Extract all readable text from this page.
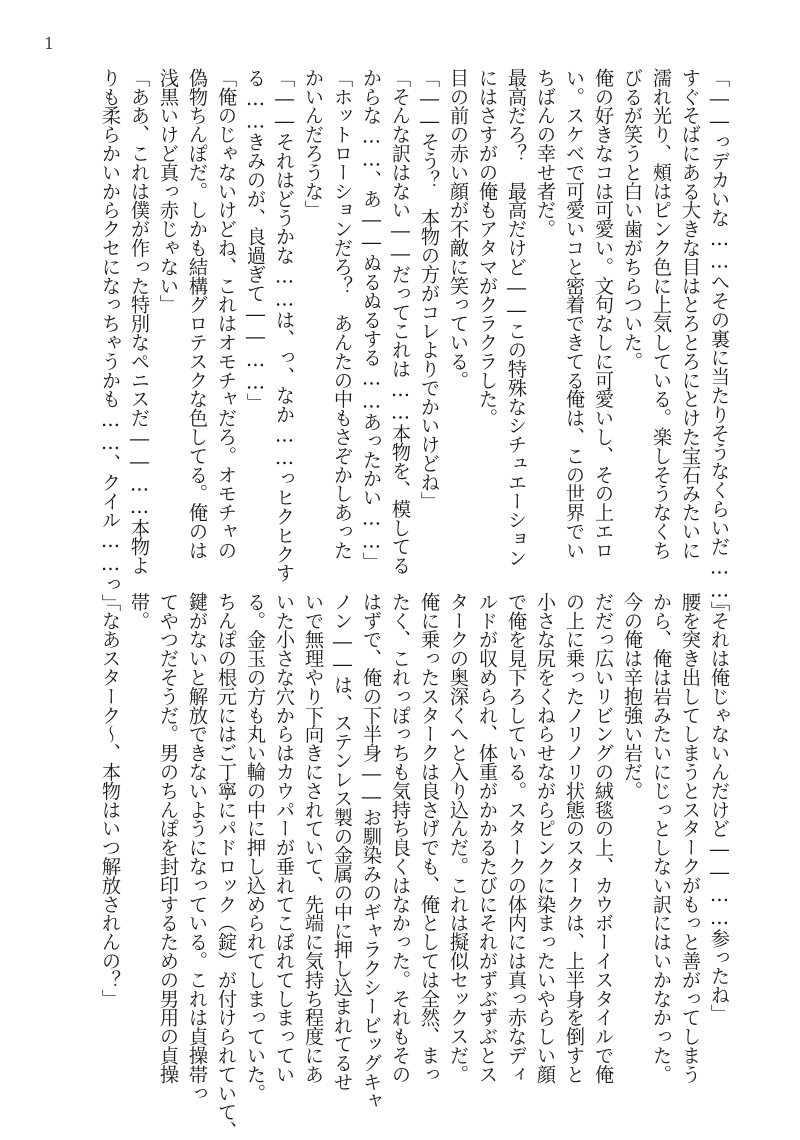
1
「――っデカいな……へその裏に当たりそうなくらいだ……」
すぐそばにある大きな目はとろとろにとけた宝石みたいに
濡れ光り、頰はピンク色に上気している。楽しそうなくち
びるが笑うと白い歯がちらついた。
俺の好きなコは可愛い。文句なしに可愛いし、その上エロ
い。スケベで可愛いコと密着できてる俺は、この世界でい
ちばんの幸せ者だ。
最高だろ？　最高だけど――この特殊なシチュエーション
にはさすがの俺もアタマがクラクラした。
目の前の赤い顔が不敵に笑っている。
「――そう？　本物の方がコレよりでかいけどね」
「そんな訳はない――だってこれは……本物を、模してる
からな……、あ――ぬるぬるする……あったかい……」
「ホットローションだろ？　あんたの中もさぞかしあった
かいんだろうな」
「――それはどうかな……は、っ、なか……っヒクヒクす
る……きみのが、良過ぎて――……」
「俺のじゃないけどね、これはオモチャだろ。オモチャの
偽物ちんぽだ。しかも結構グロテスクな色してる。俺のは
浅黒いけど真っ赤じゃない」
「ああ、これは僕が作った特別なペニスだ――……本物よ
りも柔らかいからクセになっちゃうかも……、クイル……っ」
「それは俺じゃないんだけど――……参ったね」
腰を突き出してしまうとスタークがもっと善がってしまう
から、俺は岩みたいにじっとしない訳にはいかなかった。
今の俺は辛抱強い岩だ。
だだっ広いリビングの絨毯の上、カウボーイスタイルで俺
の上に乗ったノリノリ状態のスタークは、上半身を倒すと
小さな尻をくねらせながらピンクに染まったいやらしい顔
で俺を見下ろしている。スタークの体内には真っ赤なディ
ルドが収められ、体重がかかるたびにそれがずぶずぶとス
タークの奥深くへと入り込んだ。これは擬似セックスだ。
俺に乗ったスタークは良さげでも、俺としては全然、まっ
たく、これっぽっちも気持ち良くはなかった。それもその
はずで、俺の下半身――お馴染みのギャラクシービッグキャ
ノン――は、ステンレス製の金属の中に押し込まれてるせ
いで無理やり下向きにされていて、先端に気持ち程度にあ
いた小さな穴からはカウパーが垂れてこぼれてしまってい
る。金玉の方も丸い輪の中に押し込められてしまっていた。
ちんぽの根元にはご丁寧にパドロック（錠）が付けられていて、
鍵がないと解放できないようになっている。これは貞操帯っ
てやつだそうだ。男のちんぽを封印するための男用の貞操
帯。
「なあスターク～、本物はいつ解放されんの？」
